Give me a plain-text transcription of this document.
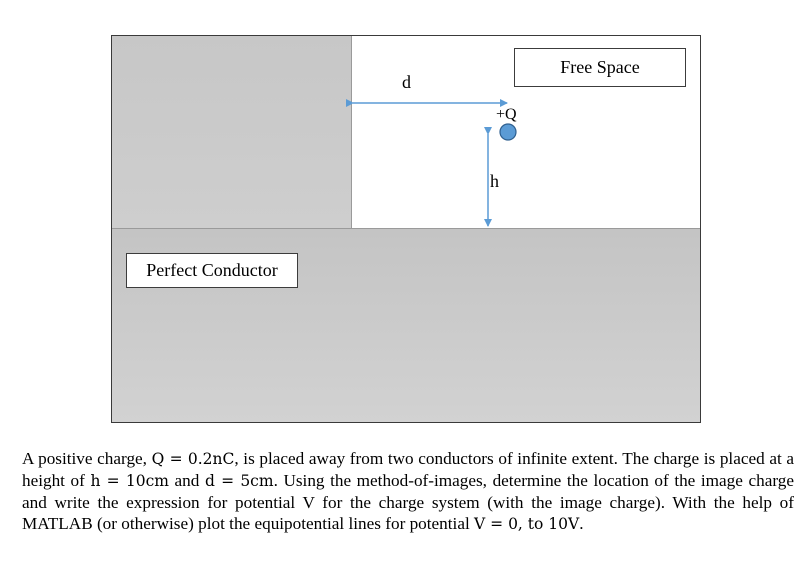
Free Space
Perfect Conductor
d
h
+Q
A positive charge, Q = 0.2nC, is placed away from two conductors of infinite extent. The charge is placed at a height of h = 10cm and d = 5cm. Using the method-of-images, determine the location of the image charge and write the expression for potential V for the charge system (with the image charge). With the help of MATLAB (or otherwise) plot the equipotential lines for potential V = 0, to 10V.
